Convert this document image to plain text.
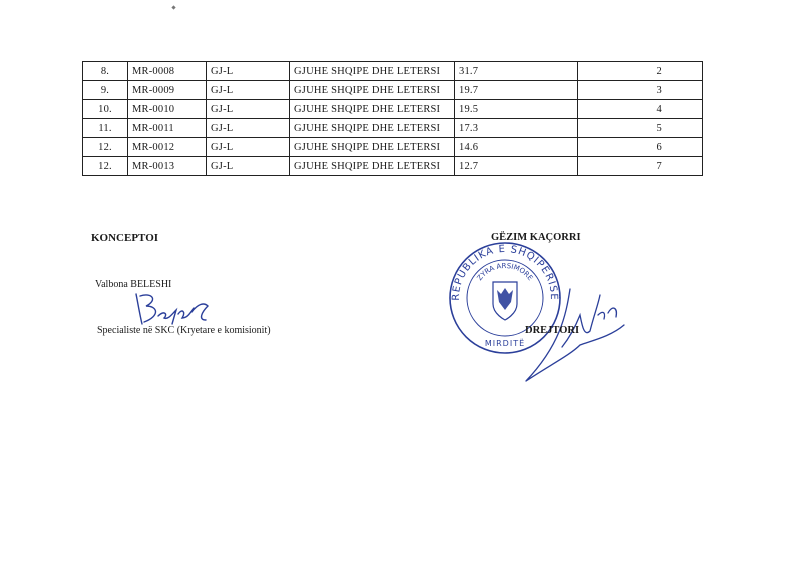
8.	MR-0008	GJ-L	GJUHE SHQIPE DHE LETERSI	31.7	2
9.	MR-0009	GJ-L	GJUHE SHQIPE DHE LETERSI	19.7	3
10.	MR-0010	GJ-L	GJUHE SHQIPE DHE LETERSI	19.5	4
11.	MR-0011	GJ-L	GJUHE SHQIPE DHE LETERSI	17.3	5
12.	MR-0012	GJ-L	GJUHE SHQIPE DHE LETERSI	14.6	6
12.	MR-0013	GJ-L	GJUHE SHQIPE DHE LETERSI	12.7	7
KONCEPTOI
Valbona BELESHI
Specialiste në SKC (Kryetare e komisionit)
GËZIM KAÇORRI
REPUBLIKA E SHQIPËRISË
ZYRA ARSIMORE
MIRDITË
DREJTORI
